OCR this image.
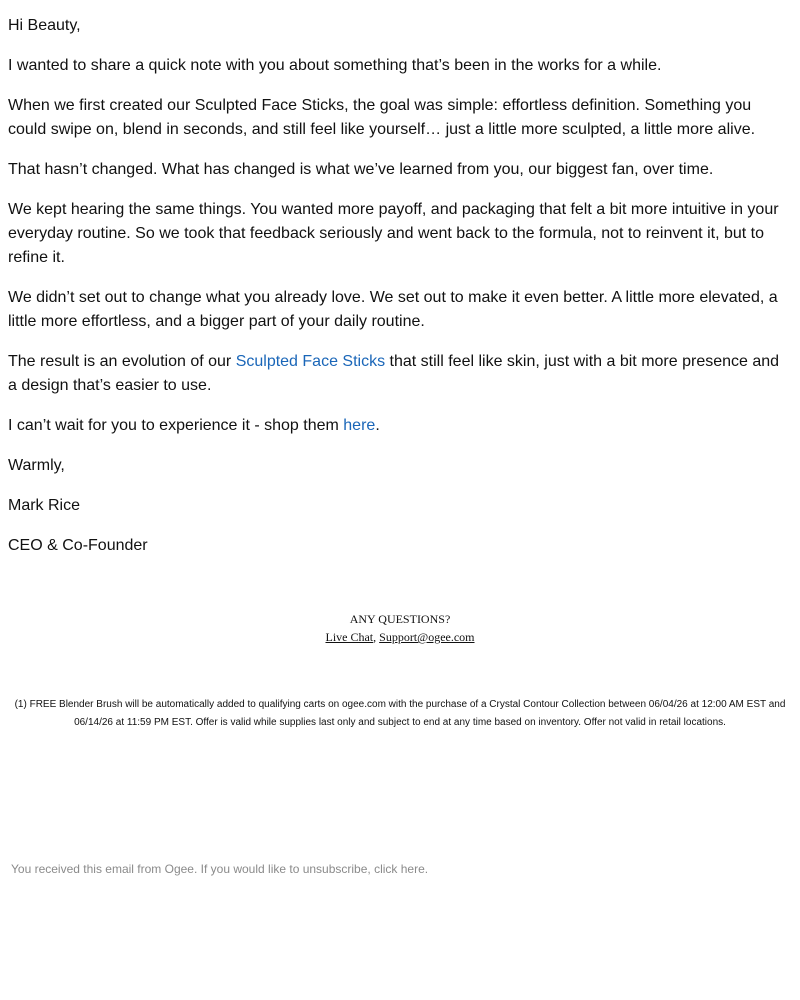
Hi Beauty,

I wanted to share a quick note with you about something that’s been in the works for a while.

When we first created our Sculpted Face Sticks, the goal was simple: effortless definition. Something you could swipe on, blend in seconds, and still feel like yourself… just a little more sculpted, a little more alive.

That hasn’t changed. What has changed is what we’ve learned from you, our biggest fan, over time.

We kept hearing the same things. You wanted more payoff, and packaging that felt a bit more intuitive in your everyday routine. So we took that feedback seriously and went back to the formula, not to reinvent it, but to refine it.

We didn’t set out to change what you already love. We set out to make it even better. A little more elevated, a little more effortless, and a bigger part of your daily routine.

The result is an evolution of our Sculpted Face Sticks that still feel like skin, just with a bit more presence and a design that’s easier to use.

I can’t wait for you to experience it - shop them here.

Warmly,

Mark Rice

CEO & Co-Founder

ANY QUESTIONS?
Live Chat, Support@ogee.com
(1) FREE Blender Brush will be automatically added to qualifying carts on ogee.com with the purchase of a Crystal Contour Collection between 06/04/26 at 12:00 AM EST and 06/14/26 at 11:59 PM EST. Offer is valid while supplies last only and subject to end at any time based on inventory. Offer not valid in retail locations.
You received this email from Ogee. If you would like to unsubscribe, click here.
